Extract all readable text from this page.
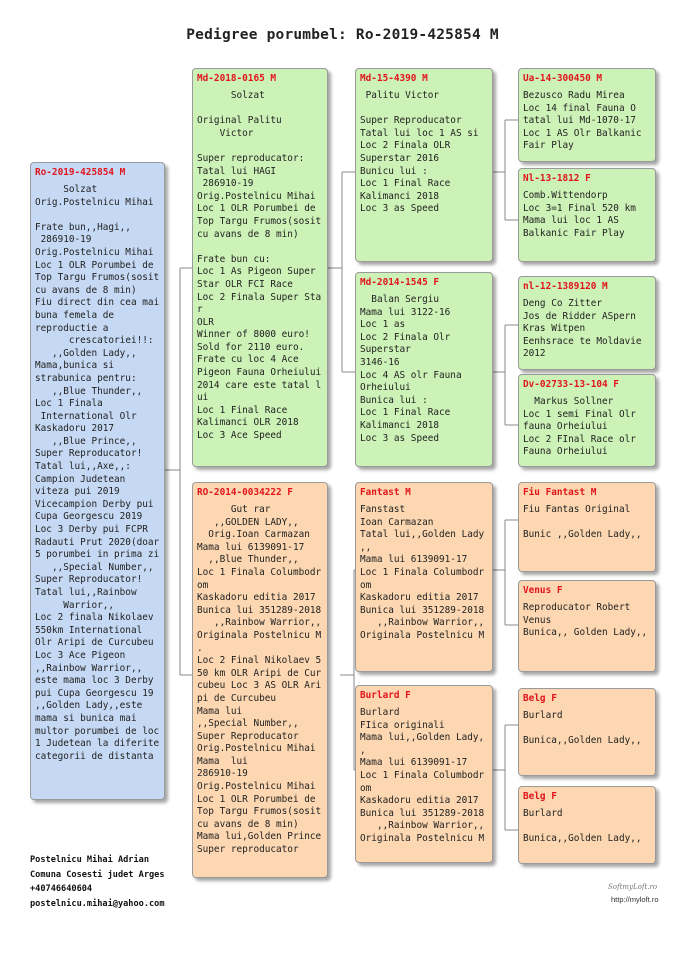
Pedigree porumbel: Ro-2019-425854 M
Ro-2019-425854 M
Solzat
Orig.Postelnicu Mihai

Frate bun,,Hagi,,
286910-19
Orig.Postelnicu Mihai
Loc 1 OLR Porumbei de
Top Targu Frumos(sosit
cu avans de 8 min)
Fiu direct din cea mai
buna femela de
reproductie a
crescatoriei!!:
,,Golden Lady,,
Mama,bunica si
strabunica pentru:
,,Blue Thunder,,
Loc 1 Finala
International Olr
Kaskadoru 2017
,,Blue Prince,,
Super Reproducator!
Tatal lui,,Axe,,:
Campion Judetean
viteza pui 2019
Vicecampion Derby pui
Cupa Georgescu 2019
Loc 3 Derby pui FCPR
Radauti Prut 2020(doar
5 porumbei in prima zi
,,Special Number,,
Super Reproducator!
Tatal lui,,Rainbow
Warrior,,
Loc 2 finala Nikolaev
550km International
Olr Aripi de Curcubeu
Loc 3 Ace Pigeon
,,Rainbow Warrior,,
este mama loc 3 Derby
pui Cupa Georgescu 19
,,Golden Lady,,este
mama si bunica mai
multor porumbei de loc
1 Judetean la diferite
categorii de distanta
Md-2018-0165 M
Solzat

Original Palitu
Victor

Super reproducator:
Tatal lui HAGI
286910-19
Orig.Postelnicu Mihai
Loc 1 OLR Porumbei de
Top Targu Frumos(sosit
cu avans de 8 min)

Frate bun cu:
Loc 1 As Pigeon Super
Star OLR FCI Race
Loc 2 Finala Super Sta
r
OLR
Winner of 8000 euro!
Sold for 2110 euro.
Frate cu loc 4 Ace
Pigeon Fauna Orheiului
2014 care este tatal l
ui
Loc 1 Final Race
Kalimanci OLR 2018
Loc 3 Ace Speed
RO-2014-0034222 F
Gut rar
,,GOLDEN LADY,,
Orig.Ioan Carmazan
Mama lui 6139091-17
,,Blue Thunder,,
Loc 1 Finala Columbodr
om
Kaskadoru editia 2017
Bunica lui 351289-2018
,,Rainbow Warrior,,
Originala Postelnicu M
.
Loc 2 Final Nikolaev 5
50 km OLR Aripi de Cur
cubeu Loc 3 AS OLR Ari
pi de Curcubeu
Mama lui
,,Special Number,,
Super Reproducator
Orig.Postelnicu Mihai
Mama  lui
286910-19
Orig.Postelnicu Mihai
Loc 1 OLR Porumbei de
Top Targu Frumos(sosit
cu avans de 8 min)
Mama lui,Golden Prince
Super reproducator
Md-15-4390 M
Palitu Victor

Super Reproducator
Tatal lui loc 1 AS si
Loc 2 Finala OLR
Superstar 2016
Bunicu lui :
Loc 1 Final Race
Kalimanci 2018
Loc 3 as Speed
Md-2014-1545 F
Balan Sergiu
Mama lui 3122-16
Loc 1 as
Loc 2 Finala Olr
Superstar
3146-16
Loc 4 AS olr Fauna
Orheiului
Bunica lui :
Loc 1 Final Race
Kalimanci 2018
Loc 3 as Speed
Fantast M
Fanstast
Ioan Carmazan
Tatal lui,,Golden Lady
,,
Mama lui 6139091-17
Loc 1 Finala Columbodr
om
Kaskadoru editia 2017
Bunica lui 351289-2018
,,Rainbow Warrior,,
Originala Postelnicu M
Burlard F
Burlard
FIica originali
Mama lui,,Golden Lady,
,
Mama lui 6139091-17
Loc 1 Finala Columbodr
om
Kaskadoru editia 2017
Bunica lui 351289-2018
,,Rainbow Warrior,,
Originala Postelnicu M
Ua-14-300450 M
Bezusco Radu Mirea
Loc 14 final Fauna O
tatal lui Md-1070-17
Loc 1 AS Olr Balkanic
Fair Play
Nl-13-1812 F
Comb.Wittendorp
Loc 3=1 Final 520 km
Mama lui loc 1 AS
Balkanic Fair Play
nl-12-1389120 M
Deng Co Zitter
Jos de Ridder ASpern
Kras Witpen
Eenhsrace te Moldavie
2012
Dv-02733-13-104 F
Markus Sollner
Loc 1 semi Final Olr
fauna Orheiului
Loc 2 FInal Race olr
Fauna Orheiului
Fiu Fantast M
Fiu Fantas Original

Bunic ,,Golden Lady,,
Venus F
Reproducator Robert
Venus
Bunica,, Golden Lady,,
Belg F
Burlard

Bunica,,Golden Lady,,
Belg F
Burlard

Bunica,,Golden Lady,,
Postelnicu Mihai Adrian
Comuna Cosesti judet Arges
+40746640604
postelnicu.mihai@yahoo.com
SoftmyLoft.ro
http://myloft.ro
